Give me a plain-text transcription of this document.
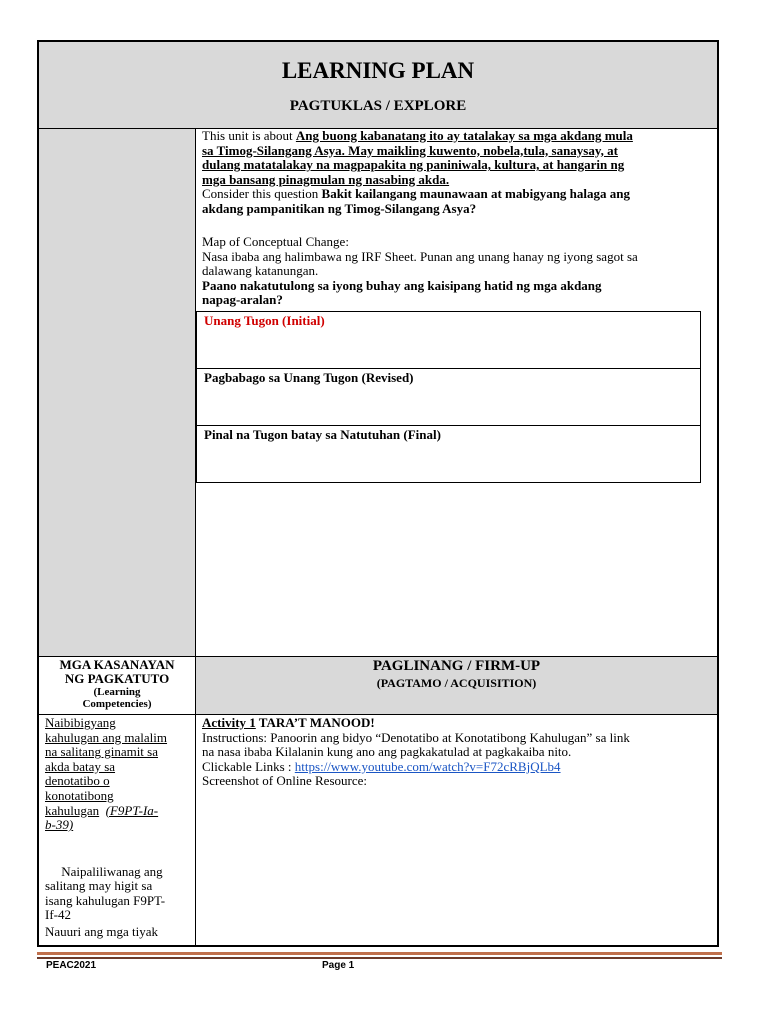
LEARNING PLAN
PAGTUKLAS / EXPLORE
This unit is about Ang buong kabanatang ito ay tatalakay sa mga akdang mula
sa Timog-Silangang Asya. May maikling kuwento, nobela,tula, sanaysay, at
dulang matatalakay na magpapakita ng paniniwala, kultura, at hangarin ng
mga bansang pinagmulan ng nasabing akda.
Consider this question Bakit kailangang maunawaan at mabigyang halaga ang
akdang pampanitikan ng Timog-Silangang Asya?
Map of Conceptual Change:
Nasa ibaba ang halimbawa ng IRF Sheet. Punan ang unang hanay ng iyong sagot sa
dalawang katanungan.
Paano nakatutulong sa iyong buhay ang kaisipang hatid ng mga akdang
napag-aralan?
Unang Tugon (Initial)
Pagbabago sa Unang Tugon (Revised)
Pinal na Tugon batay sa Natutuhan (Final)
MGA KASANAYAN
NG PAGKATUTO
(Learning
Competencies)
PAGLINANG / FIRM-UP
(PAGTAMO / ACQUISITION)
Naibibigyang
kahulugan ang malalim
na salitang ginamit sa
akda batay sa
denotatibo o
konotatibong
kahulugan (F9PT-Ia-
b-39)

Naipaliliwanag ang
salitang may higit sa
isang kahulugan F9PT-
If-42

Nauuri ang mga tiyak
Activity 1 TARA’T MANOOD!
Instructions: Panoorin ang bidyo “Denotatibo at Konotatibong Kahulugan” sa link
na nasa ibaba Kilalanin kung ano ang pagkakatulad at pagkakaiba nito.
Clickable Links : https://www.youtube.com/watch?v=F72cRBjQLb4
Screenshot of Online Resource:
PEAC2021	Page 1
